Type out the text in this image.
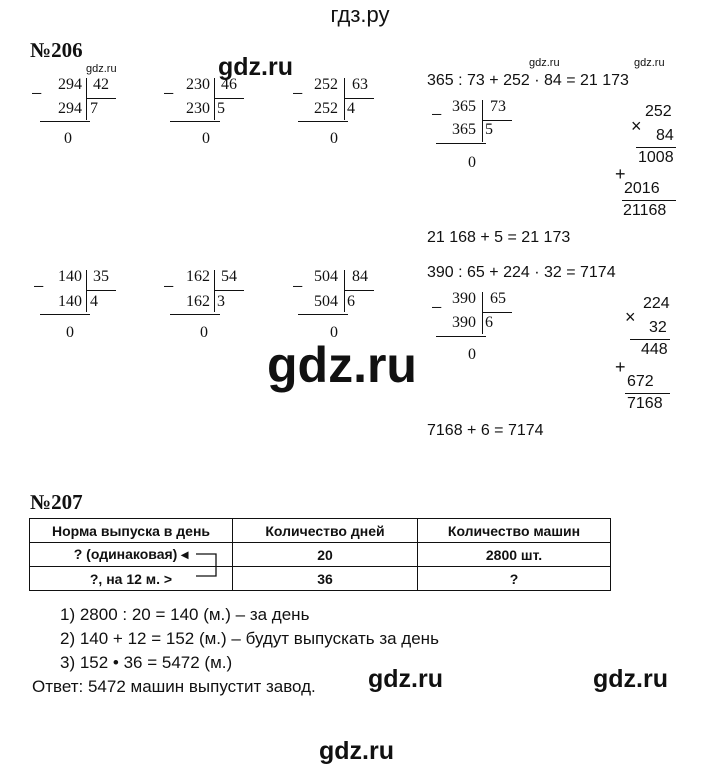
гдз.ру
№206
gdz.ru	gdz.ru	gdz.ru
gdz.ru
− 294 42
294 7
0
− 230 46
230 5
0
− 252 63
252 4
0
365 : 73 + 252 · 84 = 21 173
− 365 73
365 5
0
252
× 84
1008
+
2016
21168
21 168 + 5 = 21 173
− 140 35
140 4
0
− 162 54
162 3
0
− 504 84
504 6
0
390 : 65 + 224 · 32 = 7174
− 390 65
390 6
0
224
×
32
448
+
672
7168
7168 + 6 = 7174
gdz.ru
№207
Норма выпуска в день	Количество дней	Количество машин
? (одинаковая) ◂	20	2800 шт.
?, на 12 м. >	36	?
1) 2800 : 20 = 140 (м.) – за день
2) 140 + 12 = 152 (м.) – будут выпускать за день
3) 152 • 36 = 5472 (м.)
Ответ: 5472 машин выпустит завод. gdz.ru	gdz.ru
gdz.ru
